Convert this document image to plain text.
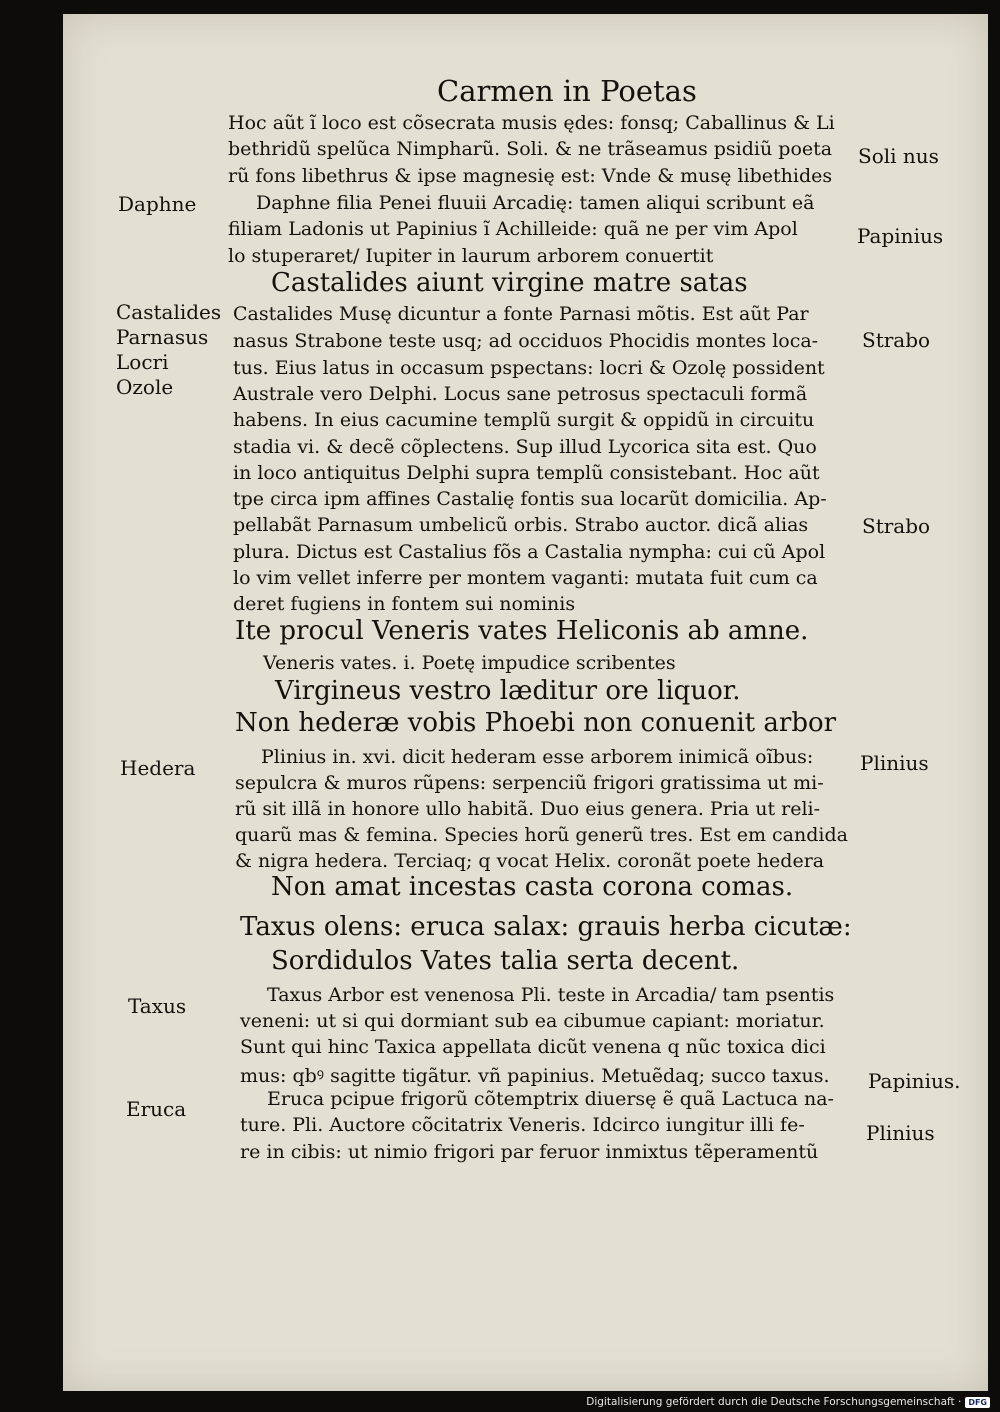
Carmen in Poetas
Hoc aũt ĩ loco est cõsecrata musis ędes: fonsq; Caballinus & Li
bethridũ spelũca Nimpharũ. Soli. & ne trãseamus psidiũ poeta
rũ fons libethrus & ipse magnesię est: Vnde & musę libethides
Daphne filia Penei fluuii Arcadię: tamen aliqui scribunt eã
filiam Ladonis ut Papinius ĩ Achilleide: quã ne per vim Apol
lo stuperaret/ Iupiter in laurum arborem conuertit
Castalides aiunt virgine matre satas
Castalides Musę dicuntur a fonte Parnasi mõtis. Est aũt Par
nasus Strabone teste usq; ad occiduos Phocidis montes loca-
tus. Eius latus in occasum pspectans: locri & Ozolę possident
Australe vero Delphi. Locus sane petrosus spectaculi formã
habens. In eius cacumine templũ surgit & oppidũ in circuitu
stadia vi. & decẽ cõplectens. Sup illud Lycorica sita est. Quo
in loco antiquitus Delphi supra templũ consistebant. Hoc aũt
tpe circa ipm affines Castalię fontis sua locarũt domicilia. Ap-
pellabãt Parnasum umbelicũ orbis. Strabo auctor. dicã alias
plura. Dictus est Castalius fõs a Castalia nympha: cui cũ Apol
lo vim vellet inferre per montem vaganti: mutata fuit cum ca
deret fugiens in fontem sui nominis
Ite procul Veneris vates Heliconis ab amne.
Veneris vates. i. Poetę impudice scribentes
Virgineus vestro læditur ore liquor.
Non hederæ vobis Phoebi non conuenit arbor
Plinius in. xvi. dicit hederam esse arborem inimicã oĩbus:
sepulcra & muros rũpens: serpenciũ frigori gratissima ut mi-
rũ sit illã in honore ullo habitã. Duo eius genera. Pria ut reli-
quarũ mas & femina. Species horũ generũ tres. Est em candida
& nigra hedera. Terciaq; q vocat Helix. coronãt poete hedera
Non amat incestas casta corona comas.
Taxus olens: eruca salax: grauis herba cicutæ:
Sordidulos Vates talia serta decent.
Taxus Arbor est venenosa Pli. teste in Arcadia/ tam psentis
veneni: ut si qui dormiant sub ea cibumue capiant: moriatur.
Sunt qui hinc Taxica appellata dicũt venena q nũc toxica dici
mus: qbꝰ sagitte tigãtur. vñ papinius. Metuẽdaq; succo taxus.
Eruca pcipue frigorũ cõtemptrix diuersę ẽ quã Lactuca na-
ture. Pli. Auctore cõcitatrix Veneris. Idcirco iungitur illi fe-
re in cibis: ut nimio frigori par feruor inmixtus tẽperamentũ
Daphne
Castalides
Parnasus
Locri
Ozole
Hedera
Taxus
Eruca
Soli nus
Papinius
Strabo
Strabo
Plinius
Papinius.
Plinius
Digitalisierung gefördert durch die Deutsche Forschungsgemeinschaft · DFG
